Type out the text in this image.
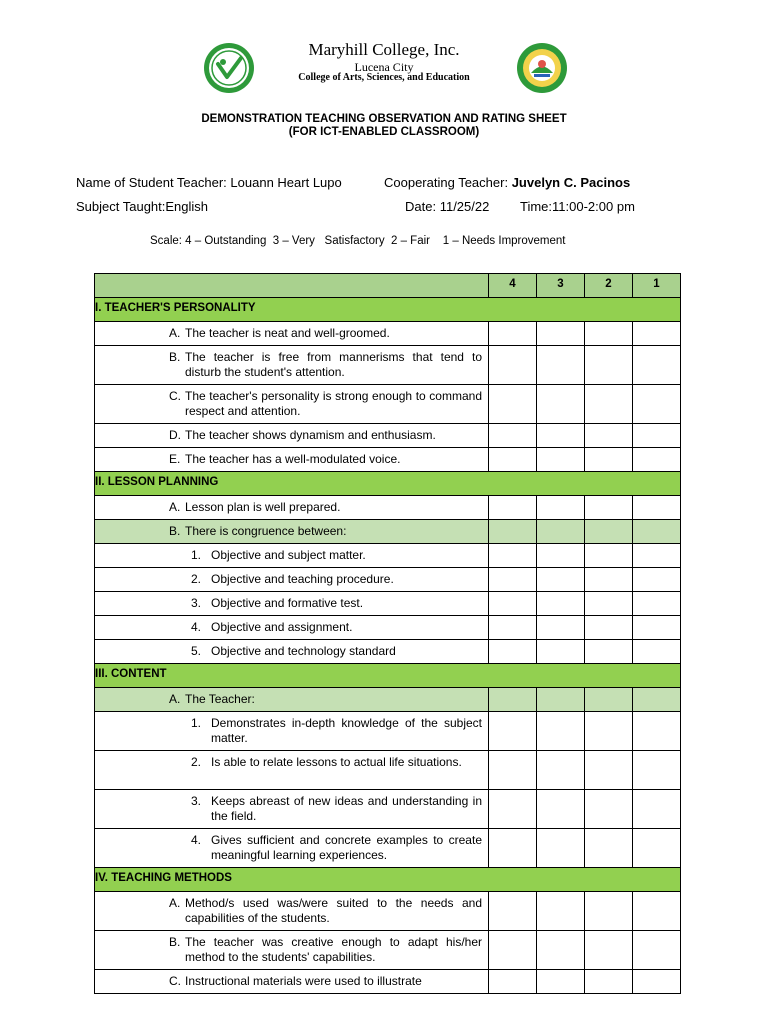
Maryhill College, Inc.
Lucena City
College of Arts, Sciences, and Education
DEMONSTRATION TEACHING OBSERVATION AND RATING SHEET
(FOR ICT-ENABLED CLASSROOM)
Name of Student Teacher: Louann Heart Lupo	Cooperating Teacher: Juvelyn C. Pacinos
Subject Taught:English	Date: 11/25/22 Time:11:00-2:00 pm
Scale: 4 – Outstanding  3 – Very   Satisfactory  2 – Fair    1 – Needs Improvement
	4	3	2	1
I. TEACHER'S PERSONALITY				

A. The teacher is neat and well-groomed.				

B. The teacher is free from mannerisms that tend to disturb the student's attention.				

C. The teacher's personality is strong enough to command respect and attention.				

D. The teacher shows dynamism and enthusiasm.				

E. The teacher has a well-modulated voice.				

II. LESSON PLANNING				

A. Lesson plan is well prepared.				

B. There is congruence between:				

1. Objective and subject matter.				

2. Objective and teaching procedure.				

3. Objective and formative test.				

4. Objective and assignment.				

5. Objective and technology standard				

III. CONTENT				

A. The Teacher:				

1. Demonstrates in-depth knowledge of the subject matter.				

2. Is able to relate lessons to actual life situations.				

3. Keeps abreast of new ideas and understanding in the field.				

4. Gives sufficient and concrete examples to create meaningful learning experiences.				

IV. TEACHING METHODS				

A. Method/s used was/were suited to the needs and capabilities of the students.				

B. The teacher was creative enough to adapt his/her method to the students' capabilities.				

C. Instructional materials were used to illustrate				
